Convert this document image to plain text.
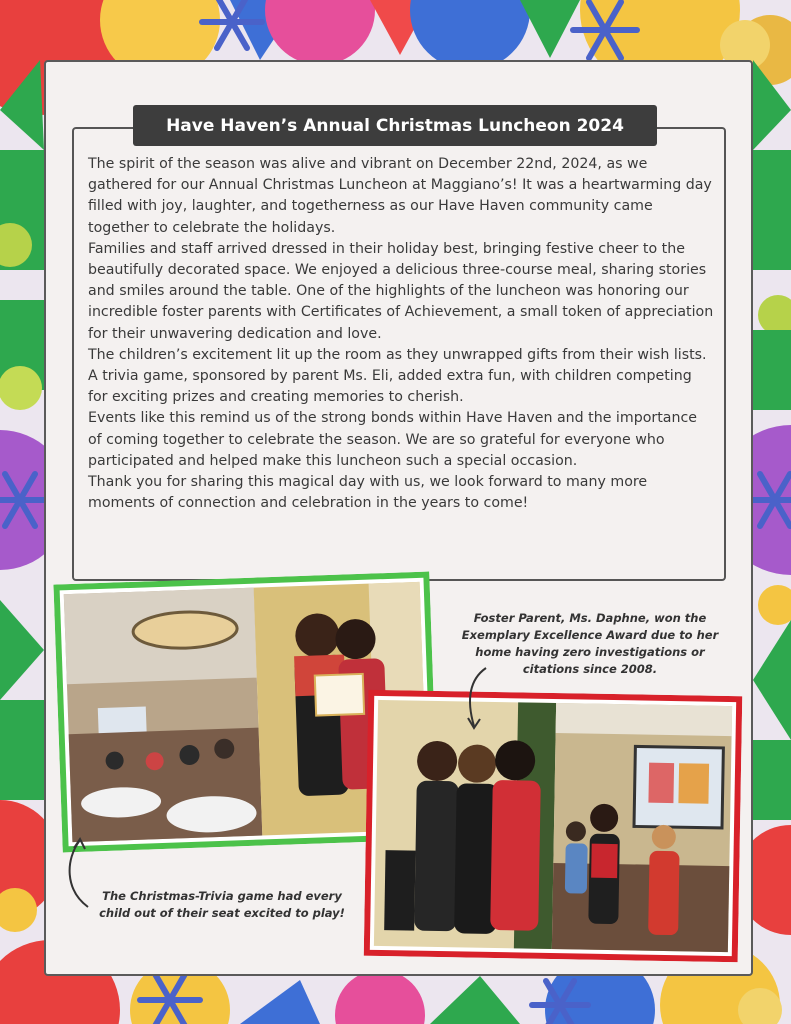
Have Haven’s Annual Christmas Luncheon 2024

The spirit of the season was alive and vibrant on December 22nd, 2024, as we gathered for our Annual Christmas Luncheon at Maggiano’s! It was a heartwarming day filled with joy, laughter, and togetherness as our Have Haven community came together to celebrate the holidays.

Families and staff arrived dressed in their holiday best, bringing festive cheer to the beautifully decorated space. We enjoyed a delicious three-course meal, sharing stories and smiles around the table. One of the highlights of the luncheon was honoring our incredible foster parents with Certificates of Achievement, a small token of appreciation for their unwavering dedication and love.

The children’s excitement lit up the room as they unwrapped gifts from their wish lists. A trivia game, sponsored by parent Ms. Eli, added extra fun, with children competing for exciting prizes and creating memories to cherish.

Events like this remind us of the strong bonds within Have Haven and the importance of coming together to celebrate the season. We are so grateful for everyone who participated and helped make this luncheon such a special occasion.

Thank you for sharing this magical day with us, we look forward to many more moments of connection and celebration in the years to come!

Foster Parent, Ms. Daphne, won the Exemplary Excellence Award due to her home having zero investigations or citations since 2008.

The Christmas-Trivia game had every child out of their seat excited to play!
